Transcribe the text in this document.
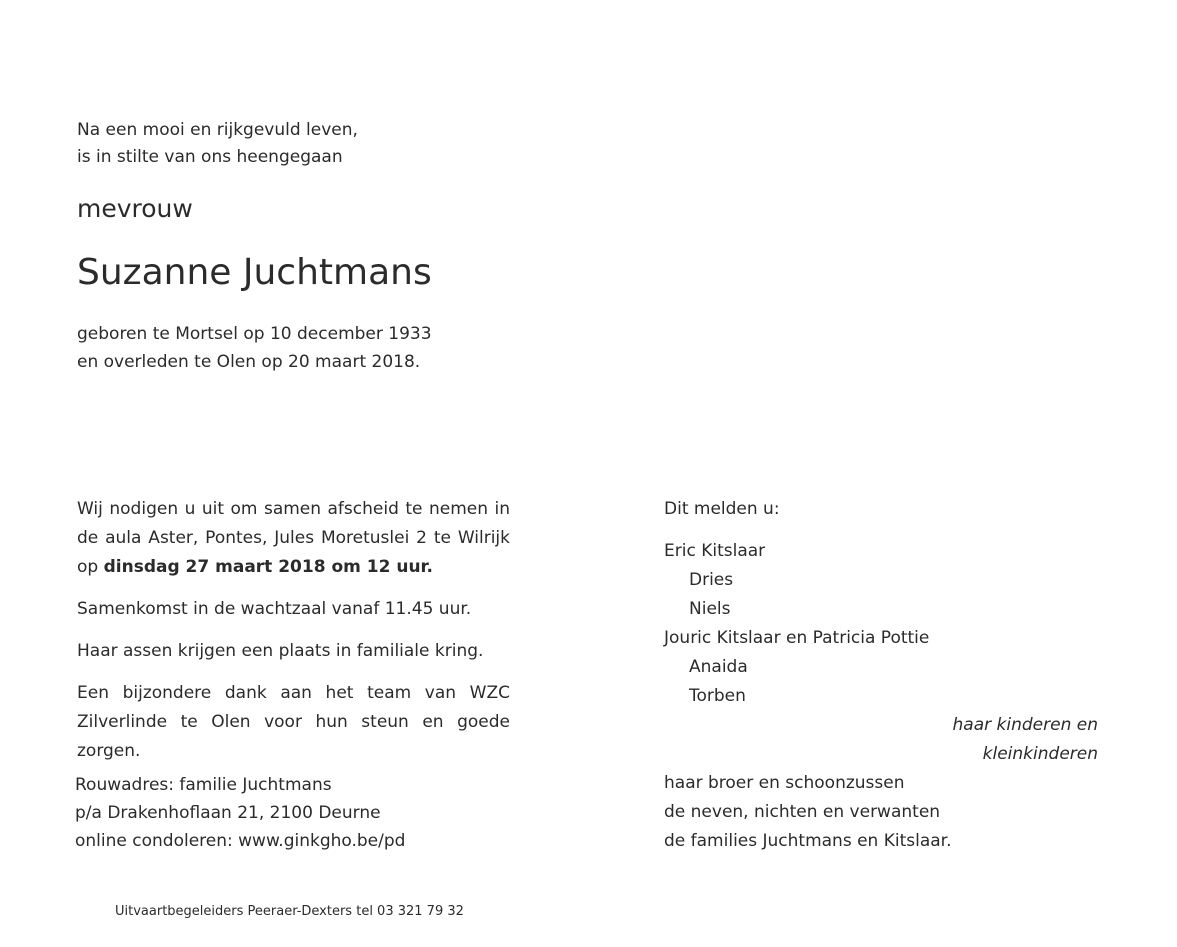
Na een mooi en rijkgevuld leven,
is in stilte van ons heengegaan
mevrouw
Suzanne Juchtmans
geboren te Mortsel op 10 december 1933
en overleden te Olen op 20 maart 2018.

Wij nodigen u uit om samen afscheid te nemen in de aula Aster, Pontes, Jules Moretuslei 2 te Wilrijk op dinsdag 27 maart 2018 om 12 uur.

Samenkomst in de wachtzaal vanaf 11.45 uur.

Haar assen krijgen een plaats in familiale kring.

Een bijzondere dank aan het team van WZC Zilverlinde te Olen voor hun steun en goede zorgen.

Rouwadres: familie Juchtmans
p/a Drakenhoflaan 21, 2100 Deurne
online condoleren: www.ginkgho.be/pd
Uitvaartbegeleiders Peeraer-Dexters tel 03 321 79 32
Dit melden u:
Eric Kitslaar
Dries
Niels
Jouric Kitslaar en Patricia Pottie
Anaida
Torben
haar kinderen en
kleinkinderen
haar broer en schoonzussen
de neven, nichten en verwanten
de families Juchtmans en Kitslaar.
